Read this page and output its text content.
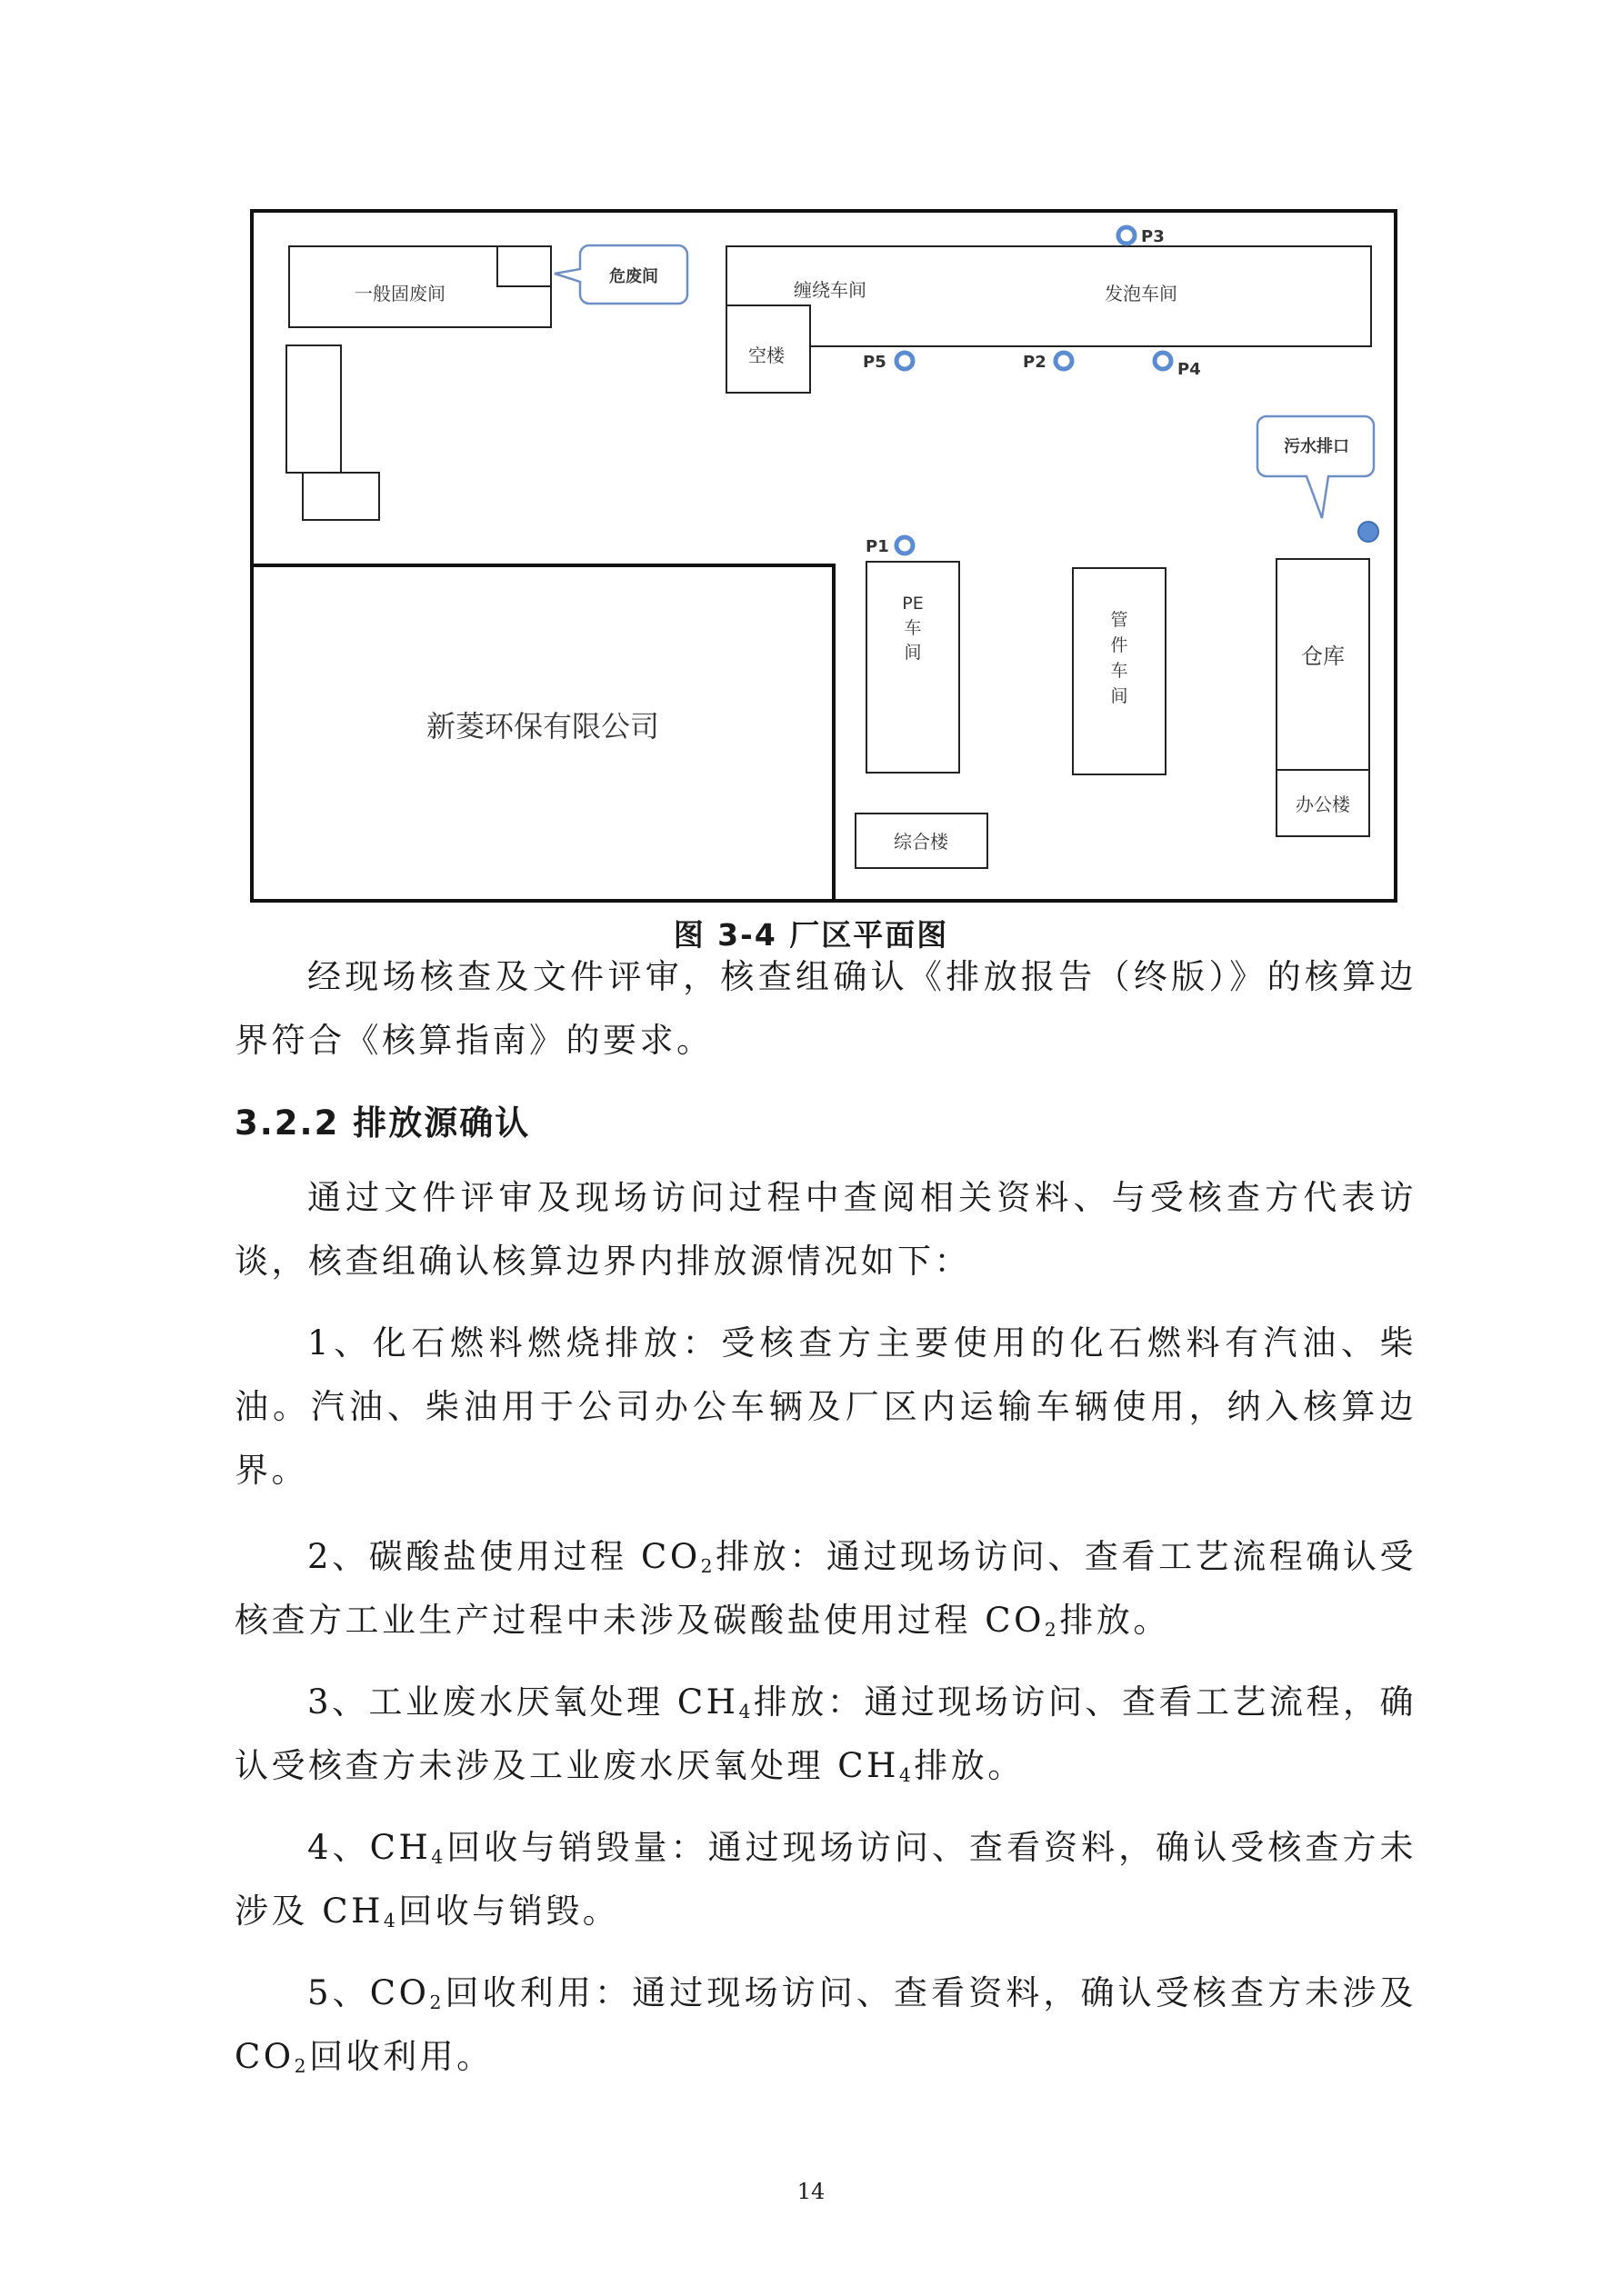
新菱环保有限公司
一般固废间
危废间
空楼
缠绕车间	发泡车间
P3
P5	P2	P4
P1
污水排口
PE
车
间
管
件
车
间
仓库
办公楼
综合楼
图 3-4 厂区平面图
经现场核查及文件评审，核查组确认《排放报告（终版）》的核算边界符合《核算指南》的要求。
3.2.2 排放源确认
通过文件评审及现场访问过程中查阅相关资料、与受核查方代表访谈，核查组确认核算边界内排放源情况如下：
1、化石燃料燃烧排放：受核查方主要使用的化石燃料有汽油、柴油。汽油、柴油用于公司办公车辆及厂区内运输车辆使用，纳入核算边界。
2、碳酸盐使用过程 $CO_2$排放：通过现场访问、查看工艺流程确认受核查方工业生产过程中未涉及碳酸盐使用过程 $CO_2$排放。
3、工业废水厌氧处理 $CH_4$排放：通过现场访问、查看工艺流程，确认受核查方未涉及工业废水厌氧处理 $CH_4$排放。
4、$CH_4$回收与销毁量：通过现场访问、查看资料，确认受核查方未涉及 $CH_4$回收与销毁。
5、$CO_2$回收利用：通过现场访问、查看资料，确认受核查方未涉及 $CO_2$回收利用。
14
